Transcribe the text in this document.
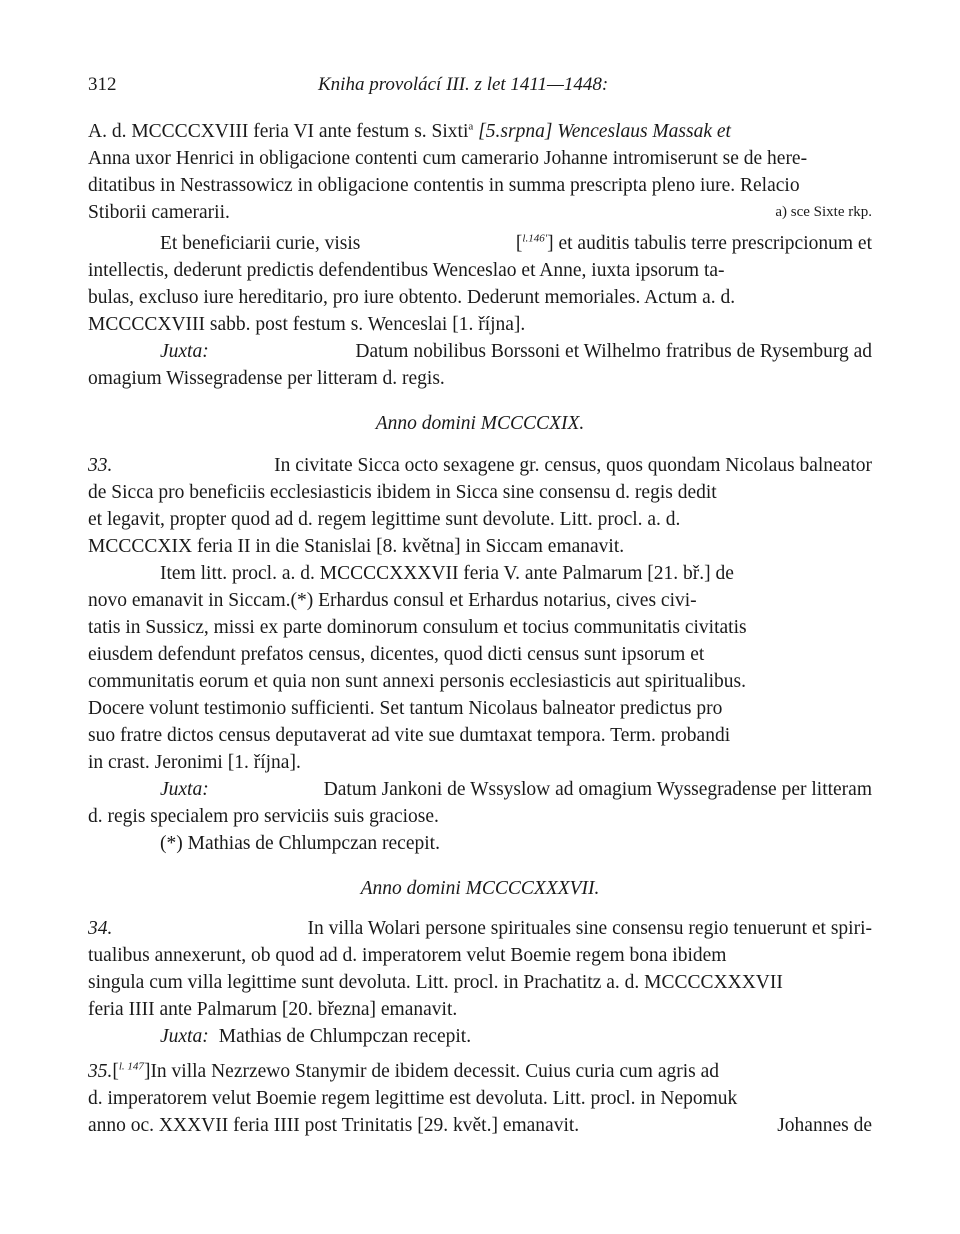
312	Kniha provolácí III. z let 1411—1448:
A. d. MCCCCXVIII feria VI ante festum s. Sixti$^a$ [5.srpna] Wenceslaus Massak et
Anna uxor Henrici in obligacione contenti cum camerario Johanne intromiserunt se de here-
ditatibus in Nestrassowicz in obligacione contentis in summa prescripta pleno iure. Relacio
Stiborii camerarii.	a) sce Sixte rkp.
Et beneficiarii curie, visis	[$^{l.146'}$] et auditis tabulis terre prescripcionum et
intellectis, dederunt predictis defendentibus Wenceslao et Anne, iuxta ipsorum ta-
bulas, excluso iure hereditario, pro iure obtento. Dederunt memoriales. Actum a. d.
MCCCCXVIII sabb. post festum s. Wenceslai [1. října].
Juxta:	Datum nobilibus Borssoni et Wilhelmo fratribus de Rysemburg ad
omagium Wissegradense per litteram d. regis.
Anno domini MCCCCXIX.
33.	In civitate Sicca octo sexagene gr. census, quos quondam Nicolaus balneator
de Sicca pro beneficiis ecclesiasticis ibidem in Sicca sine consensu d. regis dedit
et legavit, propter quod ad d. regem legittime sunt devolute. Litt. procl. a. d.
MCCCCXIX feria II in die Stanislai [8. května] in Siccam emanavit.
Item litt. procl. a. d. MCCCCXXXVII feria V. ante Palmarum [21. bř.] de
novo emanavit in Siccam.(*) Erhardus consul et Erhardus notarius, cives civi-
tatis in Sussicz, missi ex parte dominorum consulum et tocius communitatis civitatis
eiusdem defendunt prefatos census, dicentes, quod dicti census sunt ipsorum et
communitatis eorum et quia non sunt annexi personis ecclesiasticis aut spiritualibus.
Docere volunt testimonio sufficienti. Set tantum Nicolaus balneator predictus pro
suo fratre dictos census deputaverat ad vite sue dumtaxat tempora. Term. probandi
in crast. Jeronimi [1. října].
Juxta:	Datum Jankoni de Wssyslow ad omagium Wyssegradense per litteram
d. regis specialem pro serviciis suis graciose.
(*) Mathias de Chlumpczan recepit.
Anno domini MCCCCXXXVII.
34.	In villa Wolari persone spirituales sine consensu regio tenuerunt et spiri-
tualibus annexerunt, ob quod ad d. imperatorem velut Boemie regem bona ibidem
singula cum villa legittime sunt devoluta. Litt. procl. in Prachatitz a. d. MCCCCXXXVII
feria IIII ante Palmarum [20. března] emanavit.
Juxta: Mathias de Chlumpczan recepit.
35.[$^{l. 147}$]In villa Nezrzewo Stanymir de ibidem decessit. Cuius curia cum agris ad
d. imperatorem velut Boemie regem legittime est devoluta. Litt. procl. in Nepomuk
anno oc. XXXVII feria IIII post Trinitatis [29. květ.] emanavit.	Johannes de
